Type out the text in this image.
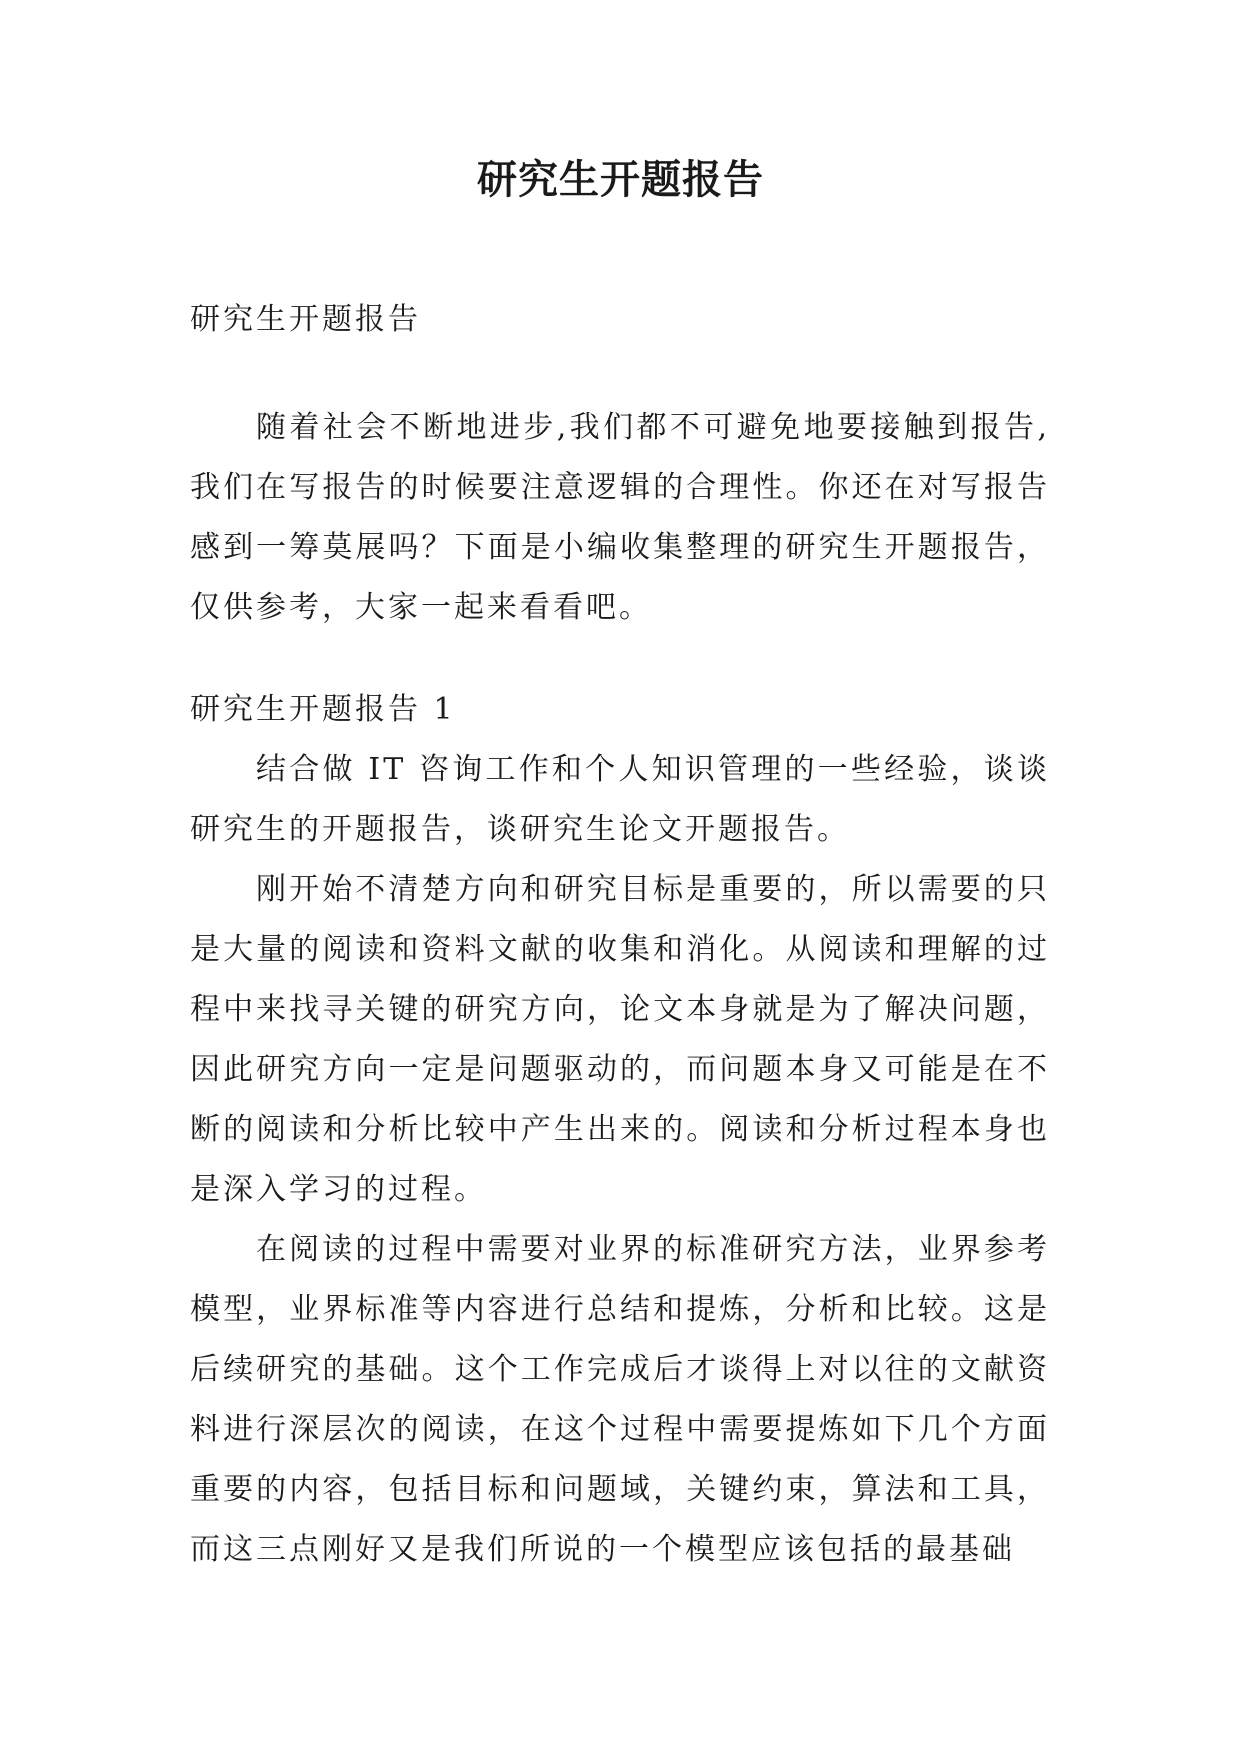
研究生开题报告

研究生开题报告

随着社会不断地进步,我们都不可避免地要接触到报告,我们在写报告的时候要注意逻辑的合理性。你还在对写报告感到一筹莫展吗？下面是小编收集整理的研究生开题报告，仅供参考，大家一起来看看吧。

研究生开题报告 1

结合做 IT 咨询工作和个人知识管理的一些经验，谈谈研究生的开题报告，谈研究生论文开题报告。

刚开始不清楚方向和研究目标是重要的，所以需要的只是大量的阅读和资料文献的收集和消化。从阅读和理解的过程中来找寻关键的研究方向，论文本身就是为了解决问题，因此研究方向一定是问题驱动的，而问题本身又可能是在不断的阅读和分析比较中产生出来的。阅读和分析过程本身也是深入学习的过程。

在阅读的过程中需要对业界的标准研究方法，业界参考模型，业界标准等内容进行总结和提炼，分析和比较。这是后续研究的基础。这个工作完成后才谈得上对以往的文献资料进行深层次的阅读，在这个过程中需要提炼如下几个方面重要的内容，包括目标和问题域，关键约束，算法和工具，而这三点刚好又是我们所说的一个模型应该包括的最基础
